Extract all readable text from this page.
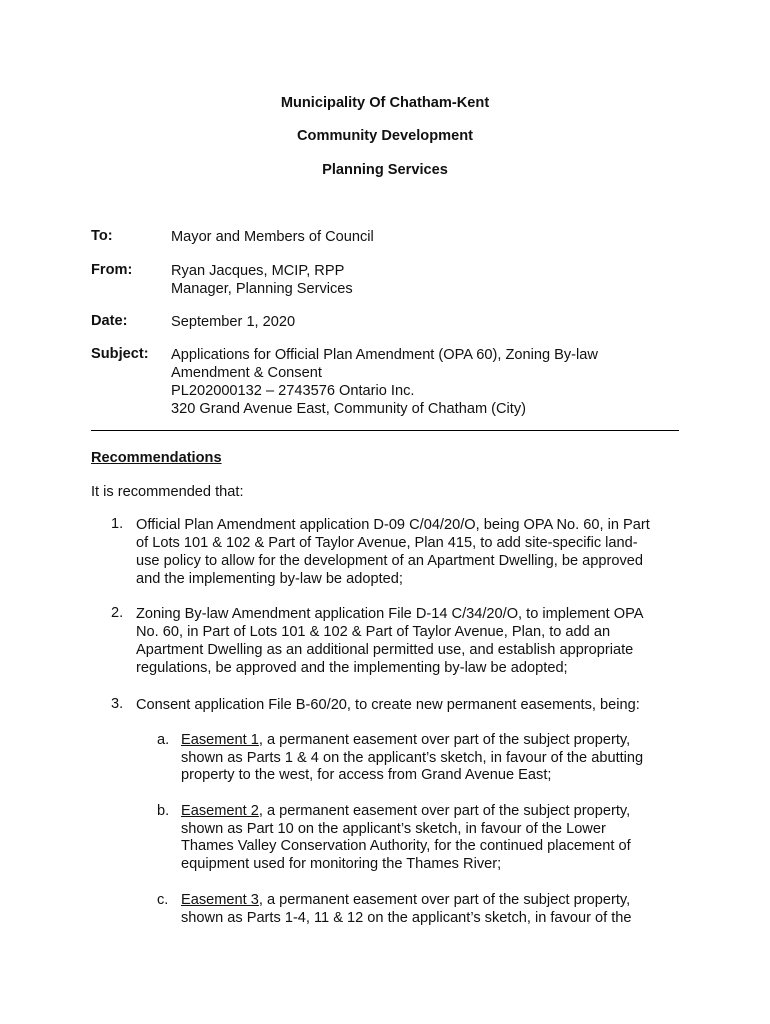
Municipality Of Chatham-Kent
Community Development
Planning Services
To:	Mayor and Members of Council
From:	Ryan Jacques, MCIP, RPP
Manager, Planning Services
Date:	September 1, 2020
Subject: Applications for Official Plan Amendment (OPA 60), Zoning By-law
Amendment & Consent
PL202000132 – 2743576 Ontario Inc.
320 Grand Avenue East, Community of Chatham (City)
Recommendations
It is recommended that:
1. Official Plan Amendment application D-09 C/04/20/O, being OPA No. 60, in Part
of Lots 101 & 102 & Part of Taylor Avenue, Plan 415, to add site-specific land-
use policy to allow for the development of an Apartment Dwelling, be approved
and the implementing by-law be adopted;
2. Zoning By-law Amendment application File D-14 C/34/20/O, to implement OPA
No. 60, in Part of Lots 101 & 102 & Part of Taylor Avenue, Plan, to add an
Apartment Dwelling as an additional permitted use, and establish appropriate
regulations, be approved and the implementing by-law be adopted;
3. Consent application File B-60/20, to create new permanent easements, being:
a. Easement 1, a permanent easement over part of the subject property,
shown as Parts 1 & 4 on the applicant’s sketch, in favour of the abutting
property to the west, for access from Grand Avenue East;
b. Easement 2, a permanent easement over part of the subject property,
shown as Part 10 on the applicant’s sketch, in favour of the Lower
Thames Valley Conservation Authority, for the continued placement of
equipment used for monitoring the Thames River;
c. Easement 3, a permanent easement over part of the subject property,
shown as Parts 1-4, 11 & 12 on the applicant’s sketch, in favour of the
